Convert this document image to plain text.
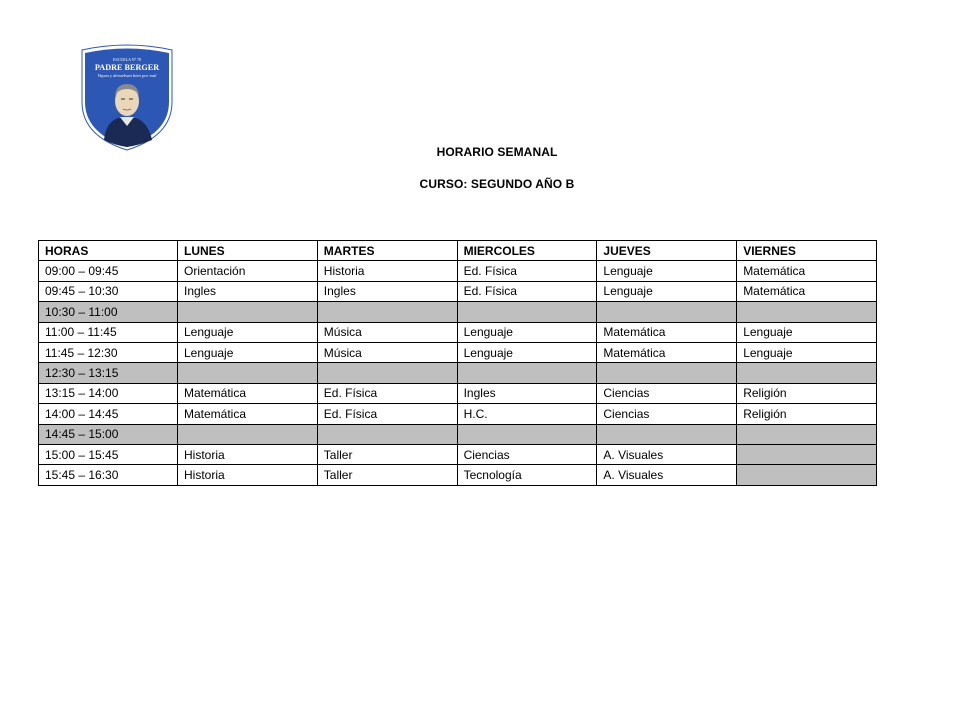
ESCUELA Nº 78
PADRE BERGER
Vayan y devuelvan bien por mal
HORARIO SEMANAL
CURSO: SEGUNDO AÑO B
HORAS	LUNES	MARTES	MIERCOLES	JUEVES	VIERNES
09:00 – 09:45	Orientación	Historia	Ed. Física	Lenguaje	Matemática
09:45 – 10:30	Ingles	Ingles	Ed. Física	Lenguaje	Matemática
10:30 – 11:00					
11:00 – 11:45	Lenguaje	Música	Lenguaje	Matemática	Lenguaje
11:45 – 12:30	Lenguaje	Música	Lenguaje	Matemática	Lenguaje
12:30 – 13:15					
13:15 – 14:00	Matemática	Ed. Física	Ingles	Ciencias	Religión
14:00 – 14:45	Matemática	Ed. Física	H.C.	Ciencias	Religión
14:45 – 15:00					
15:00 – 15:45	Historia	Taller	Ciencias	A. Visuales	
15:45 – 16:30	Historia	Taller	Tecnología	A. Visuales	
